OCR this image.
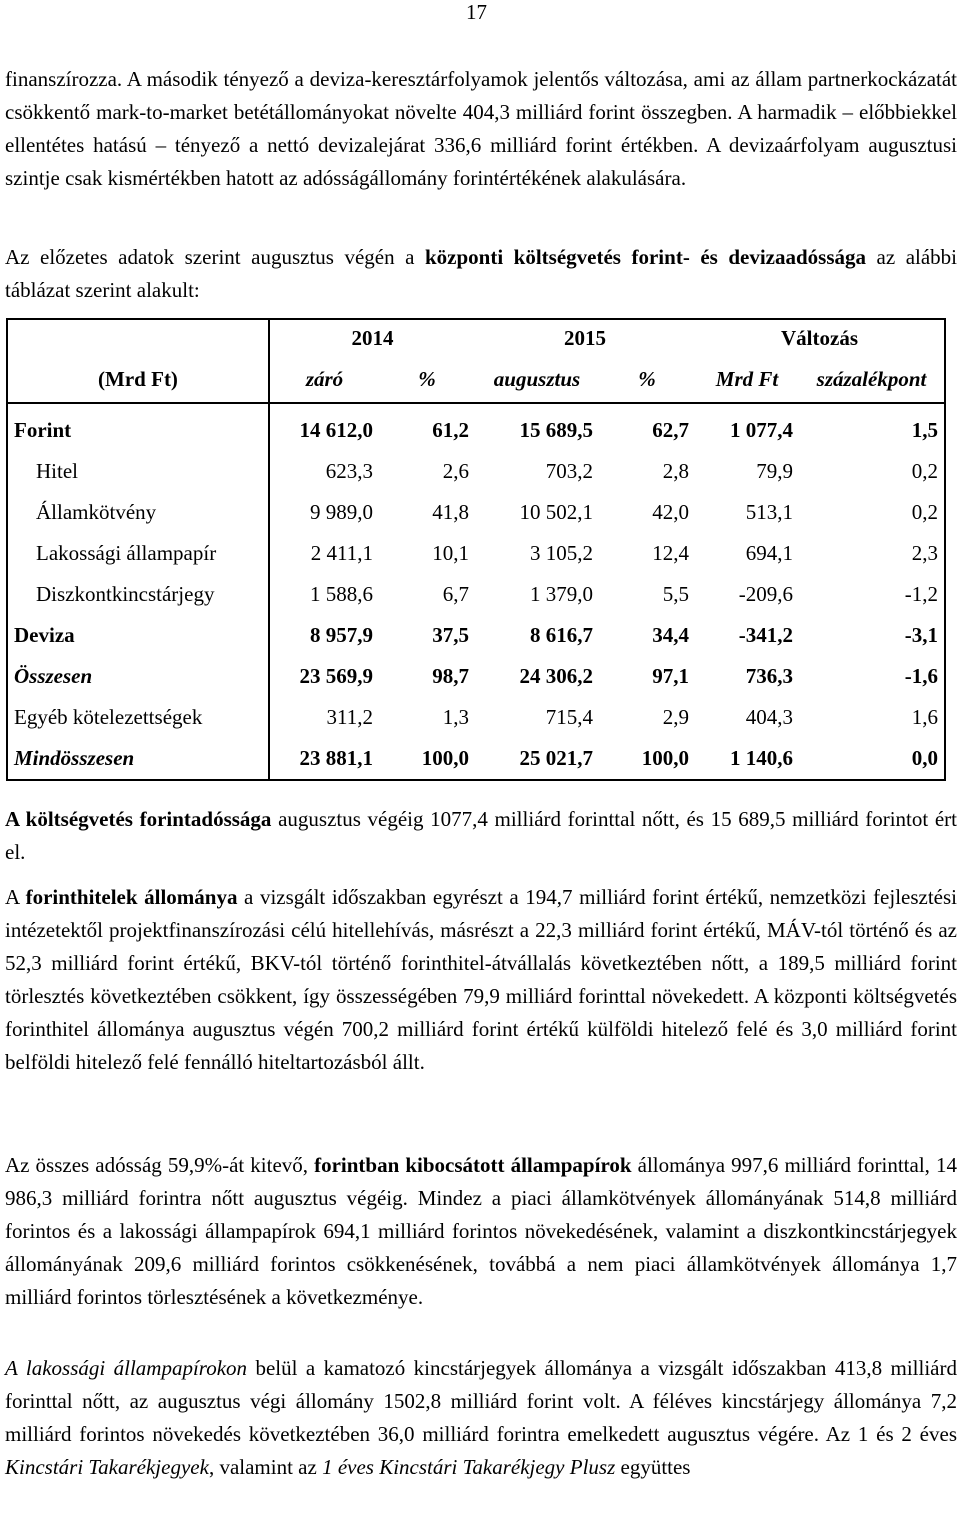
17

finanszírozza. A második tényező a deviza-keresztárfolyamok jelentős változása, ami az állam partnerkockázatát csökkentő mark-to-market betétállományokat növelte 404,3 milliárd forint összegben. A harmadik – előbbiekkel ellentétes hatású – tényező a nettó devizalejárat 336,6 milliárd forint értékben. A devizaárfolyam augusztusi szintje csak kismértékben hatott az adósságállomány forintértékének alakulására.

Az előzetes adatok szerint augusztus végén a központi költségvetés forint- és devizaadóssága az alábbi táblázat szerint alakult:

	2014		2015		Változás	
(Mrd Ft)	záró	%	augusztus	%	Mrd Ft	százalékpont
Forint	14 612,0	61,2	15 689,5	62,7	1 077,4	1,5
Hitel	623,3	2,6	703,2	2,8	79,9	0,2
Államkötvény	9 989,0	41,8	10 502,1	42,0	513,1	0,2
Lakossági állampapír	2 411,1	10,1	3 105,2	12,4	694,1	2,3
Diszkontkincstárjegy	1 588,6	6,7	1 379,0	5,5	-209,6	-1,2
Deviza	8 957,9	37,5	8 616,7	34,4	-341,2	-3,1
Összesen	23 569,9	98,7	24 306,2	97,1	736,3	-1,6
Egyéb kötelezettségek	311,2	1,3	715,4	2,9	404,3	1,6
Mindösszesen	23 881,1	100,0	25 021,7	100,0	1 140,6	0,0

A költségvetés forintadóssága augusztus végéig 1077,4 milliárd forinttal nőtt, és 15 689,5 milliárd forintot ért el.

A forinthitelek állománya a vizsgált időszakban egyrészt a 194,7 milliárd forint értékű, nemzetközi fejlesztési intézetektől projektfinanszírozási célú hitellehívás, másrészt a 22,3 milliárd forint értékű, MÁV-tól történő és az 52,3 milliárd forint értékű, BKV-tól történő forinthitel-átvállalás következtében nőtt, a 189,5 milliárd forint törlesztés következtében csökkent, így összességében 79,9 milliárd forinttal növekedett. A központi költségvetés forinthitel állománya augusztus végén 700,2 milliárd forint értékű külföldi hitelező felé és 3,0 milliárd forint belföldi hitelező felé fennálló hiteltartozásból állt.

Az összes adósság 59,9%-át kitevő, forintban kibocsátott állampapírok állománya 997,6 milliárd forinttal, 14 986,3 milliárd forintra nőtt augusztus végéig. Mindez a piaci államkötvények állományának 514,8 milliárd forintos és a lakossági állampapírok 694,1 milliárd forintos növekedésének, valamint a diszkontkincstárjegyek állományának 209,6 milliárd forintos csökkenésének, továbbá a nem piaci államkötvények állománya 1,7 milliárd forintos törlesztésének a következménye.

A lakossági állampapírokon belül a kamatozó kincstárjegyek állománya a vizsgált időszakban 413,8 milliárd forinttal nőtt, az augusztus végi állomány 1502,8 milliárd forint volt. A féléves kincstárjegy állománya 7,2 milliárd forintos növekedés következtében 36,0 milliárd forintra emelkedett augusztus végére. Az 1 és 2 éves Kincstári Takarékjegyek, valamint az 1 éves Kincstári Takarékjegy Plusz együttes
